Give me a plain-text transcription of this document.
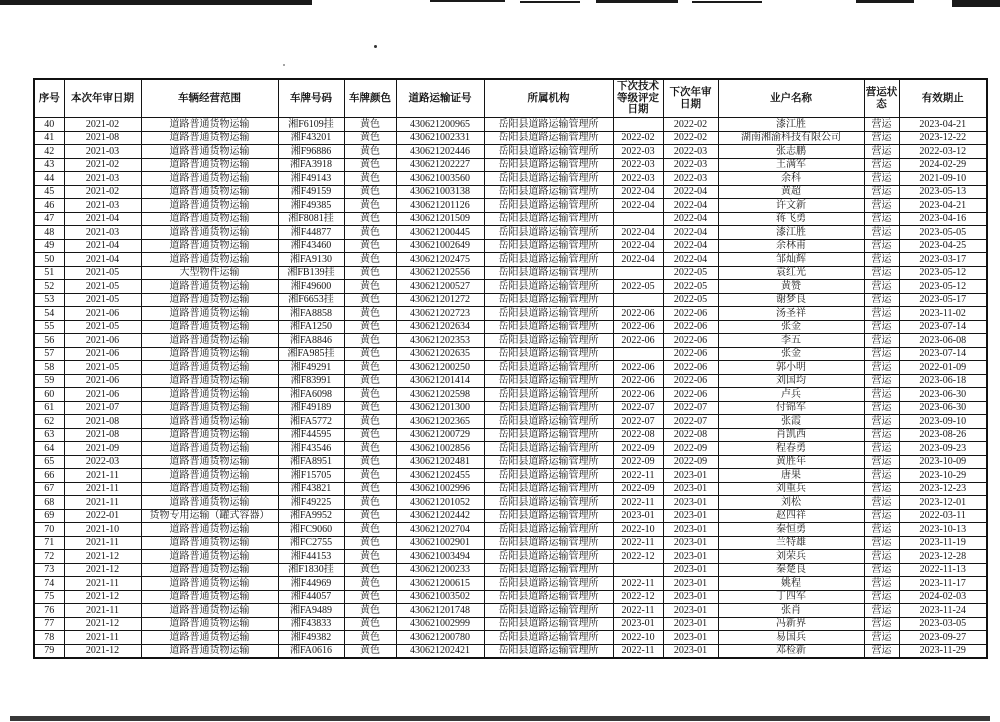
序号	本次年审日期	车辆经营范围	车牌号码	车牌颜色	道路运输证号	所属机构	下次技术等级评定日期	下次年审日期	业户名称	营运状态	有效期止
40	2021-02	道路普通货物运输	湘F6109挂	黄色	430621200965	岳阳县道路运输管理所		2022-02	漆江胜	营运	2023-04-21
41	2021-08	道路普通货物运输	湘F43201	黄色	430621002331	岳阳县道路运输管理所	2022-02	2022-02	湖南湘渝科技有限公司	营运	2023-12-22
42	2021-03	道路普通货物运输	湘F96886	黄色	430621202446	岳阳县道路运输管理所	2022-03	2022-03	张志鹏	营运	2022-03-12
43	2021-02	道路普通货物运输	湘FA3918	黄色	430621202227	岳阳县道路运输管理所	2022-03	2022-03	王满军	营运	2024-02-29
44	2021-03	道路普通货物运输	湘F49143	黄色	430621003560	岳阳县道路运输管理所	2022-03	2022-03	余科	营运	2021-09-10
45	2021-02	道路普通货物运输	湘F49159	黄色	430621003138	岳阳县道路运输管理所	2022-04	2022-04	黄超	营运	2023-05-13
46	2021-03	道路普通货物运输	湘F49385	黄色	430621201126	岳阳县道路运输管理所	2022-04	2022-04	许文新	营运	2023-04-21
47	2021-04	道路普通货物运输	湘F8081挂	黄色	430621201509	岳阳县道路运输管理所		2022-04	蒋飞勇	营运	2023-04-16
48	2021-03	道路普通货物运输	湘F44877	黄色	430621200445	岳阳县道路运输管理所	2022-04	2022-04	漆江胜	营运	2023-05-05
49	2021-04	道路普通货物运输	湘F43460	黄色	430621002649	岳阳县道路运输管理所	2022-04	2022-04	余林甫	营运	2023-04-25
50	2021-04	道路普通货物运输	湘FA9130	黄色	430621202475	岳阳县道路运输管理所	2022-04	2022-04	邹灿辉	营运	2023-03-17
51	2021-05	大型物件运输	湘FB139挂	黄色	430621202556	岳阳县道路运输管理所		2022-05	袁红光	营运	2023-05-12
52	2021-05	道路普通货物运输	湘F49600	黄色	430621200527	岳阳县道路运输管理所	2022-05	2022-05	黄赞	营运	2023-05-12
53	2021-05	道路普通货物运输	湘F6653挂	黄色	430621201272	岳阳县道路运输管理所		2022-05	谢梦良	营运	2023-05-17
54	2021-06	道路普通货物运输	湘FA8858	黄色	430621202723	岳阳县道路运输管理所	2022-06	2022-06	汤圣祥	营运	2023-11-02
55	2021-05	道路普通货物运输	湘FA1250	黄色	430621202634	岳阳县道路运输管理所	2022-06	2022-06	张金	营运	2023-07-14
56	2021-06	道路普通货物运输	湘FA8846	黄色	430621202353	岳阳县道路运输管理所	2022-06	2022-06	李五	营运	2023-06-08
57	2021-06	道路普通货物运输	湘FA985挂	黄色	430621202635	岳阳县道路运输管理所		2022-06	张金	营运	2023-07-14
58	2021-05	道路普通货物运输	湘F49291	黄色	430621200250	岳阳县道路运输管理所	2022-06	2022-06	郭小明	营运	2022-01-09
59	2021-06	道路普通货物运输	湘F83991	黄色	430621201414	岳阳县道路运输管理所	2022-06	2022-06	刘国均	营运	2023-06-18
60	2021-06	道路普通货物运输	湘FA6098	黄色	430621202598	岳阳县道路运输管理所	2022-06	2022-06	卢兵	营运	2023-06-30
61	2021-07	道路普通货物运输	湘F49189	黄色	430621201300	岳阳县道路运输管理所	2022-07	2022-07	付锦军	营运	2023-06-30
62	2021-08	道路普通货物运输	湘FA5772	黄色	430621202365	岳阳县道路运输管理所	2022-07	2022-07	张霞	营运	2023-09-10
63	2021-08	道路普通货物运输	湘F44595	黄色	430621200729	岳阳县道路运输管理所	2022-08	2022-08	肖凯西	营运	2023-08-26
64	2021-09	道路普通货物运输	湘F43546	黄色	430621002856	岳阳县道路运输管理所	2022-09	2022-09	程春勇	营运	2023-09-23
65	2022-03	道路普通货物运输	湘FA8951	黄色	430621202481	岳阳县道路运输管理所	2022-09	2022-09	黄胜年	营运	2023-10-09
66	2021-11	道路普通货物运输	湘F15705	黄色	430621202455	岳阳县道路运输管理所	2022-11	2023-01	唐果	营运	2023-10-29
67	2021-11	道路普通货物运输	湘F43821	黄色	430621002996	岳阳县道路运输管理所	2022-09	2023-01	刘重兵	营运	2023-12-23
68	2021-11	道路普通货物运输	湘F49225	黄色	430621201052	岳阳县道路运输管理所	2022-11	2023-01	刘松	营运	2023-12-01
69	2022-01	货物专用运输（罐式容器）	湘FA9952	黄色	430621202442	岳阳县道路运输管理所	2023-01	2023-01	赵四祥	营运	2022-03-11
70	2021-10	道路普通货物运输	湘FC9060	黄色	430621202704	岳阳县道路运输管理所	2022-10	2023-01	秦恒勇	营运	2023-10-13
71	2021-11	道路普通货物运输	湘FC2755	黄色	430621002901	岳阳县道路运输管理所	2022-11	2023-01	兰特雄	营运	2023-11-19
72	2021-12	道路普通货物运输	湘F44153	黄色	430621003494	岳阳县道路运输管理所	2022-12	2023-01	刘荣兵	营运	2023-12-28
73	2021-12	道路普通货物运输	湘F1830挂	黄色	430621200233	岳阳县道路运输管理所		2023-01	秦楚良	营运	2022-11-13
74	2021-11	道路普通货物运输	湘F44969	黄色	430621200615	岳阳县道路运输管理所	2022-11	2023-01	姚程	营运	2023-11-17
75	2021-12	道路普通货物运输	湘F44057	黄色	430621003502	岳阳县道路运输管理所	2022-12	2023-01	丁四军	营运	2024-02-03
76	2021-11	道路普通货物运输	湘FA9489	黄色	430621201748	岳阳县道路运输管理所	2022-11	2023-01	张肖	营运	2023-11-24
77	2021-12	道路普通货物运输	湘F43833	黄色	430621002999	岳阳县道路运输管理所	2023-01	2023-01	冯新界	营运	2023-03-05
78	2021-11	道路普通货物运输	湘F49382	黄色	430621200780	岳阳县道路运输管理所	2022-10	2023-01	易国兵	营运	2023-09-27
79	2021-12	道路普通货物运输	湘FA0616	黄色	430621202421	岳阳县道路运输管理所	2022-11	2023-01	邓检新	营运	2023-11-29
